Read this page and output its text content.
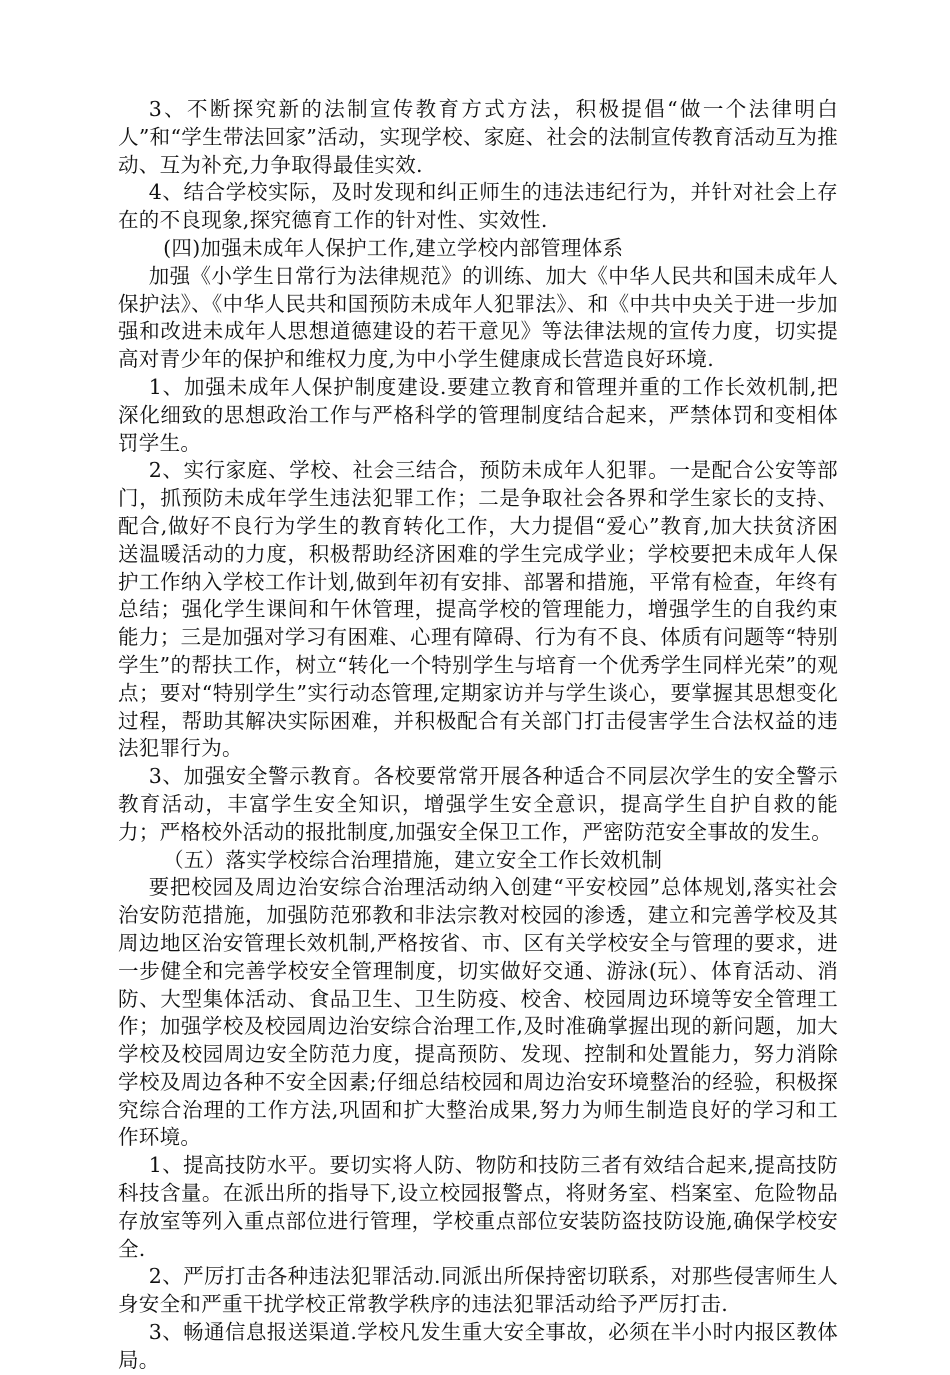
3、不断探究新的法制宣传教育方式方法，积极提倡“做一个法律明白人”和“学生带法回家”活动，实现学校、家庭、社会的法制宣传教育活动互为推动、互为补充,力争取得最佳实效.

4、结合学校实际，及时发现和纠正师生的违法违纪行为，并针对社会上存在的不良现象,探究德育工作的针对性、实效性.

(四)加强未成年人保护工作,建立学校内部管理体系

加强《小学生日常行为法律规范》的训练、加大《中华人民共和国未成年人保护法》、《中华人民共和国预防未成年人犯罪法》、和《中共中央关于进一步加强和改进未成年人思想道德建设的若干意见》等法律法规的宣传力度，切实提高对青少年的保护和维权力度,为中小学生健康成长营造良好环境.

1、加强未成年人保护制度建设.要建立教育和管理并重的工作长效机制,把深化细致的思想政治工作与严格科学的管理制度结合起来，严禁体罚和变相体罚学生。

2、实行家庭、学校、社会三结合，预防未成年人犯罪。一是配合公安等部门，抓预防未成年学生违法犯罪工作；二是争取社会各界和学生家长的支持、配合,做好不良行为学生的教育转化工作，大力提倡“爱心”教育,加大扶贫济困送温暖活动的力度，积极帮助经济困难的学生完成学业；学校要把未成年人保护工作纳入学校工作计划,做到年初有安排、部署和措施，平常有检查，年终有总结；强化学生课间和午休管理，提高学校的管理能力，增强学生的自我约束能力；三是加强对学习有困难、心理有障碍、行为有不良、体质有问题等“特别学生”的帮扶工作，树立“转化一个特别学生与培育一个优秀学生同样光荣”的观点；要对“特别学生”实行动态管理,定期家访并与学生谈心，要掌握其思想变化过程，帮助其解决实际困难，并积极配合有关部门打击侵害学生合法权益的违法犯罪行为。

3、加强安全警示教育。各校要常常开展各种适合不同层次学生的安全警示教育活动，丰富学生安全知识，增强学生安全意识，提高学生自护自救的能力；严格校外活动的报批制度,加强安全保卫工作，严密防范安全事故的发生。

（五）落实学校综合治理措施，建立安全工作长效机制

要把校园及周边治安综合治理活动纳入创建“平安校园”总体规划,落实社会治安防范措施，加强防范邪教和非法宗教对校园的渗透，建立和完善学校及其周边地区治安管理长效机制,严格按省、市、区有关学校安全与管理的要求，进一步健全和完善学校安全管理制度，切实做好交通、游泳(玩）、体育活动、消防、大型集体活动、食品卫生、卫生防疫、校舍、校园周边环境等安全管理工作；加强学校及校园周边治安综合治理工作,及时准确掌握出现的新问题，加大学校及校园周边安全防范力度，提高预防、发现、控制和处置能力，努力消除学校及周边各种不安全因素;仔细总结校园和周边治安环境整治的经验，积极探究综合治理的工作方法,巩固和扩大整治成果,努力为师生制造良好的学习和工作环境。

1、提高技防水平。要切实将人防、物防和技防三者有效结合起来,提高技防科技含量。在派出所的指导下,设立校园报警点，将财务室、档案室、危险物品存放室等列入重点部位进行管理，学校重点部位安装防盗技防设施,确保学校安全.

2、严厉打击各种违法犯罪活动.同派出所保持密切联系，对那些侵害师生人身安全和严重干扰学校正常教学秩序的违法犯罪活动给予严厉打击.

3、畅通信息报送渠道.学校凡发生重大安全事故，必须在半小时内报区教体局。
